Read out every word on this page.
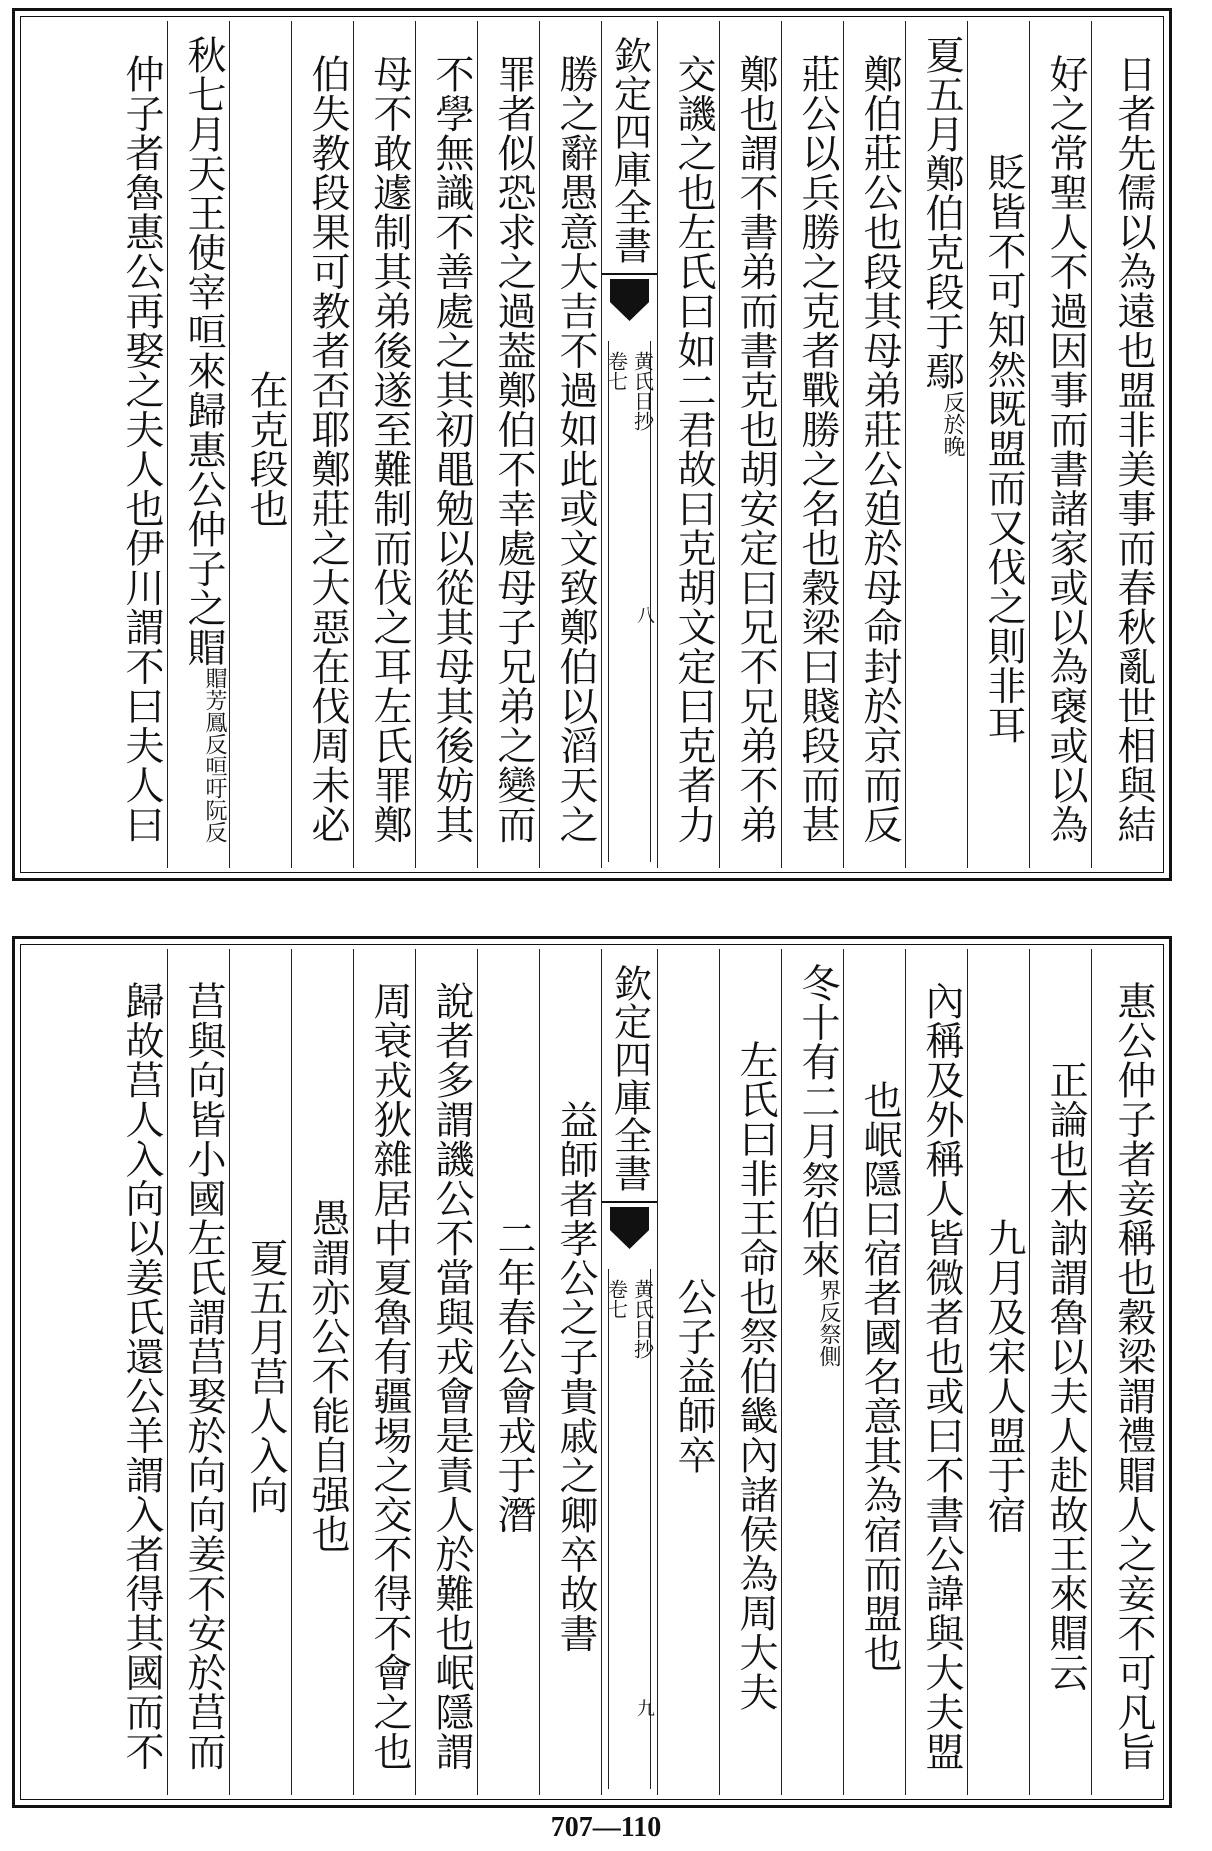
日者先儒以為遠也盟非美事而春秋亂世相與結
好之常聖人不過因事而書諸家或以為襃或以為
貶皆不可知然既盟而又伐之則非耳
夏五月鄭伯克段于鄢
於晚
反
鄭伯莊公也段其母弟莊公廹於母命封於京而反
莊公以兵勝之克者戰勝之名也穀梁曰賤段而甚
鄭也謂不書弟而書克也胡安定曰兄不兄弟不弟
交譏之也左氏曰如二君故曰克胡文定曰克者力
欽定四庫全書
黄氏日抄
卷七
八
勝之辭愚意大吉不過如此或文致鄭伯以滔天之
罪者似恐求之過葢鄭伯不幸處母子兄弟之變而
不學無識不善處之其初黽勉以從其母其後妨其
母不敢遽制其弟後遂至難制而伐之耳左氏罪鄭
伯失教段果可教者否耶鄭莊之大惡在伐周未必
在克段也
秋七月天王使宰咺來歸惠公仲子之賵
咺吁阮反
賵芳鳳反
仲子者魯惠公再娶之夫人也伊川謂不曰夫人曰
惠公仲子者妾稱也穀梁謂禮賵人之妾不可凡旨
正論也木訥謂魯以夫人赴故王來賵云
九月及宋人盟于宿
內稱及外稱人皆微者也或曰不書公諱與大夫盟
也岷隱曰宿者國名意其為宿而盟也
冬十有二月祭伯來
祭側
界反
左氏曰非王命也祭伯畿內諸侯為周大夫
公子益師卒
欽定四庫全書
黄氏日抄
卷七
九
益師者孝公之子貴戚之卿卒故書
二年春公會戎于潛
說者多謂譏公不當與戎會是責人於難也岷隱謂
周衰戎狄雜居中夏魯有疆埸之交不得不會之也
愚謂亦公不能自强也
夏五月莒人入向
莒與向皆小國左氏謂莒娶於向向姜不安於莒而
歸故莒人入向以姜氏還公羊謂入者得其國而不
707—110
